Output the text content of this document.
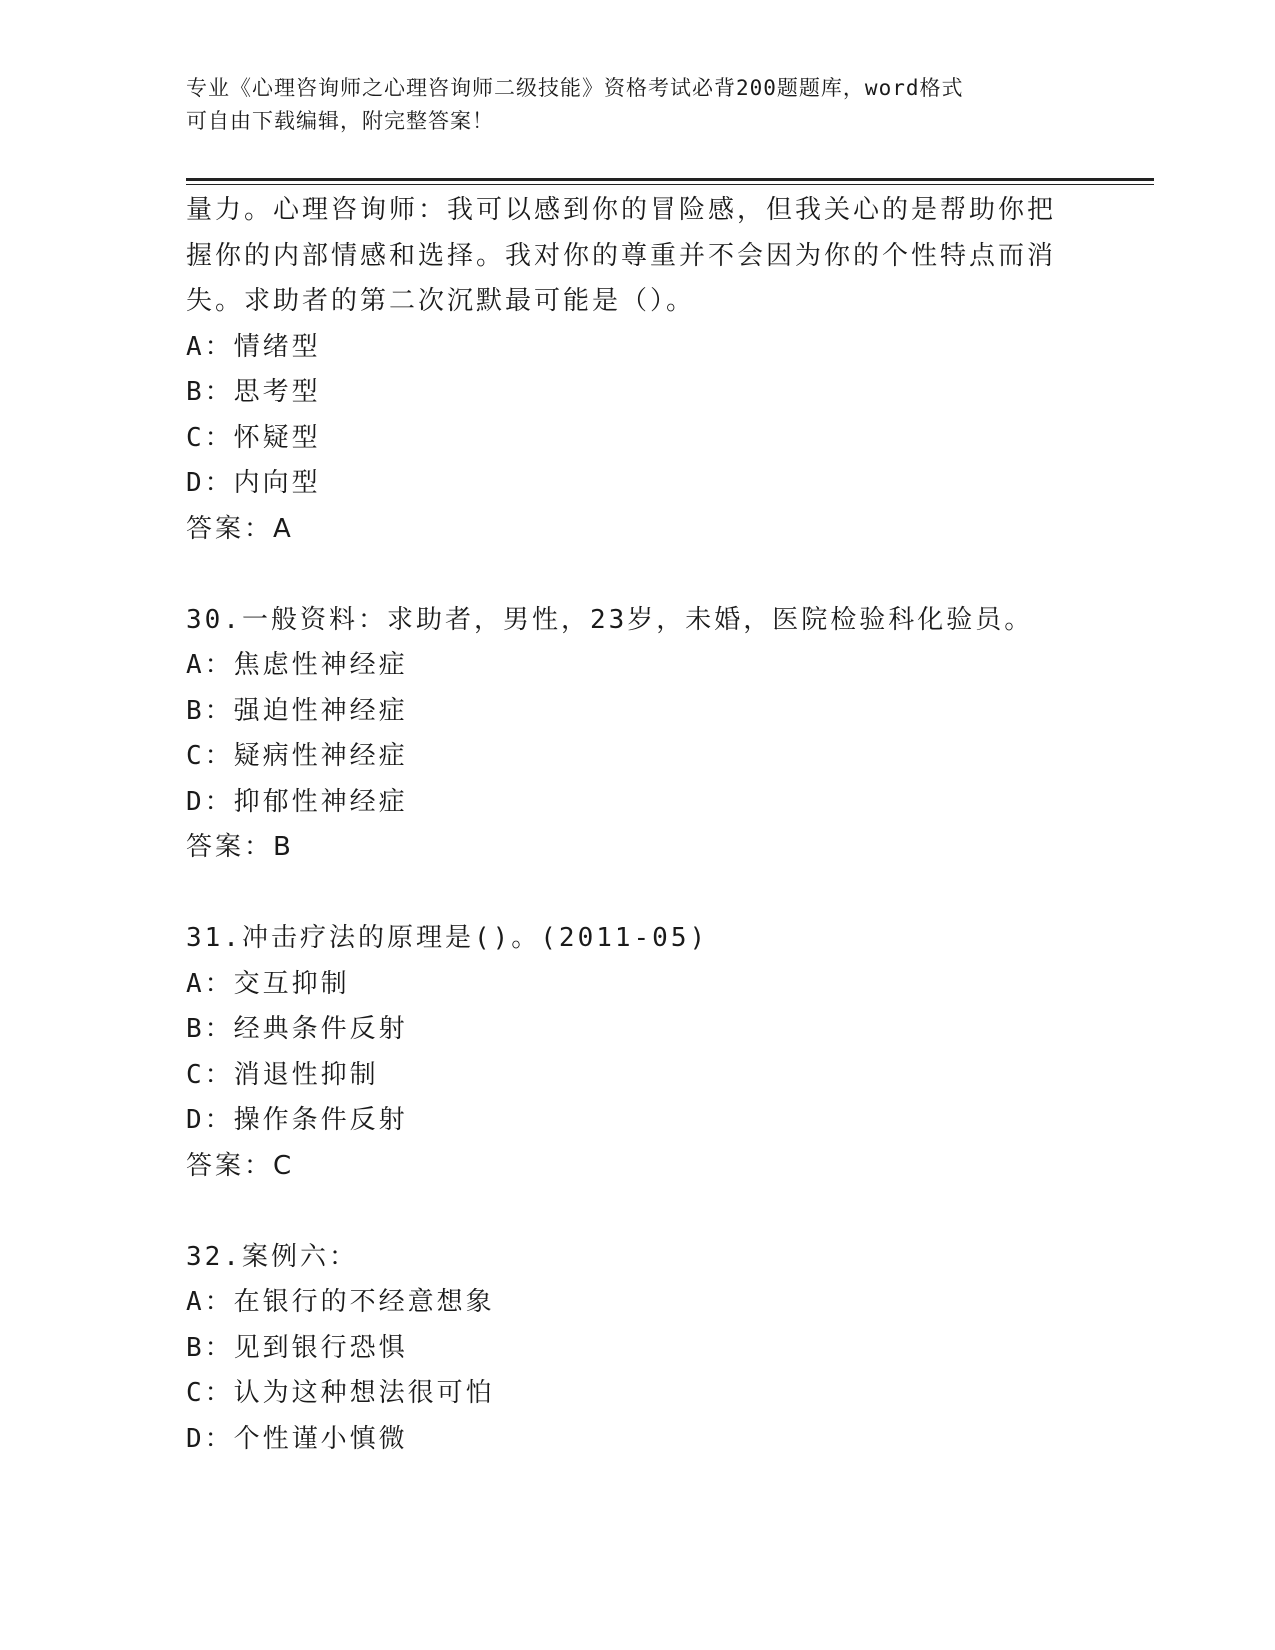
专业《心理咨询师之心理咨询师二级技能》资格考试必背200题题库，word格式
可自由下载编辑，附完整答案！
量力。心理咨询师：我可以感到你的冒险感，但我关心的是帮助你把
握你的内部情感和选择。我对你的尊重并不会因为你的个性特点而消
失。求助者的第二次沉默最可能是（）。
A：情绪型
B：思考型
C：怀疑型
D：内向型
答案：A
30.一般资料：求助者，男性，23岁，未婚，医院检验科化验员。
A：焦虑性神经症
B：强迫性神经症
C：疑病性神经症
D：抑郁性神经症
答案：B
31.冲击疗法的原理是()。(2011-05)
A：交互抑制
B：经典条件反射
C：消退性抑制
D：操作条件反射
答案：C
32.案例六：
A：在银行的不经意想象
B：见到银行恐惧
C：认为这种想法很可怕
D：个性谨小慎微
